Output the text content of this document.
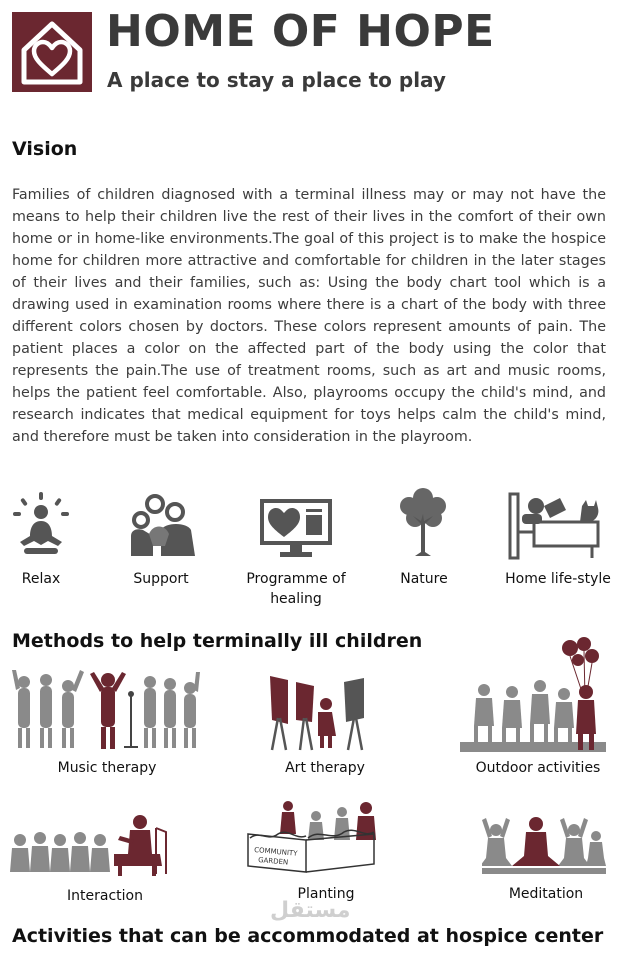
HOME OF HOPE
A place to stay a place to play
Vision
Families of children diagnosed with a terminal illness may or may not have the means to help their children live the rest of their lives in the comfort of their own home or in home-like environments.The goal of this project is to make the hospice home for children more attractive and comfortable for children in the later stages of their lives and their families, such as: Using the body chart tool which is a drawing used in examination rooms where there is a chart of the body with three different colors chosen by doctors. These colors represent amounts of pain. The patient places a color on the affected part of the body using the color that represents the pain.The use of treatment rooms, such as art and music rooms, helps the patient feel comfortable. Also, playrooms occupy the child's mind, and research indicates that medical equipment for toys helps calm the child's mind, and therefore must be taken into consideration in the playroom.
Relax	Support	Programme of healing
Nature	Home life-style
Methods to help terminally ill children
Music therapy	Art therapy	Outdoor activities
COMMUNITY
GARDEN
Interaction	Planting	Meditation
مستقل
Activities that can be accommodated at hospice center
